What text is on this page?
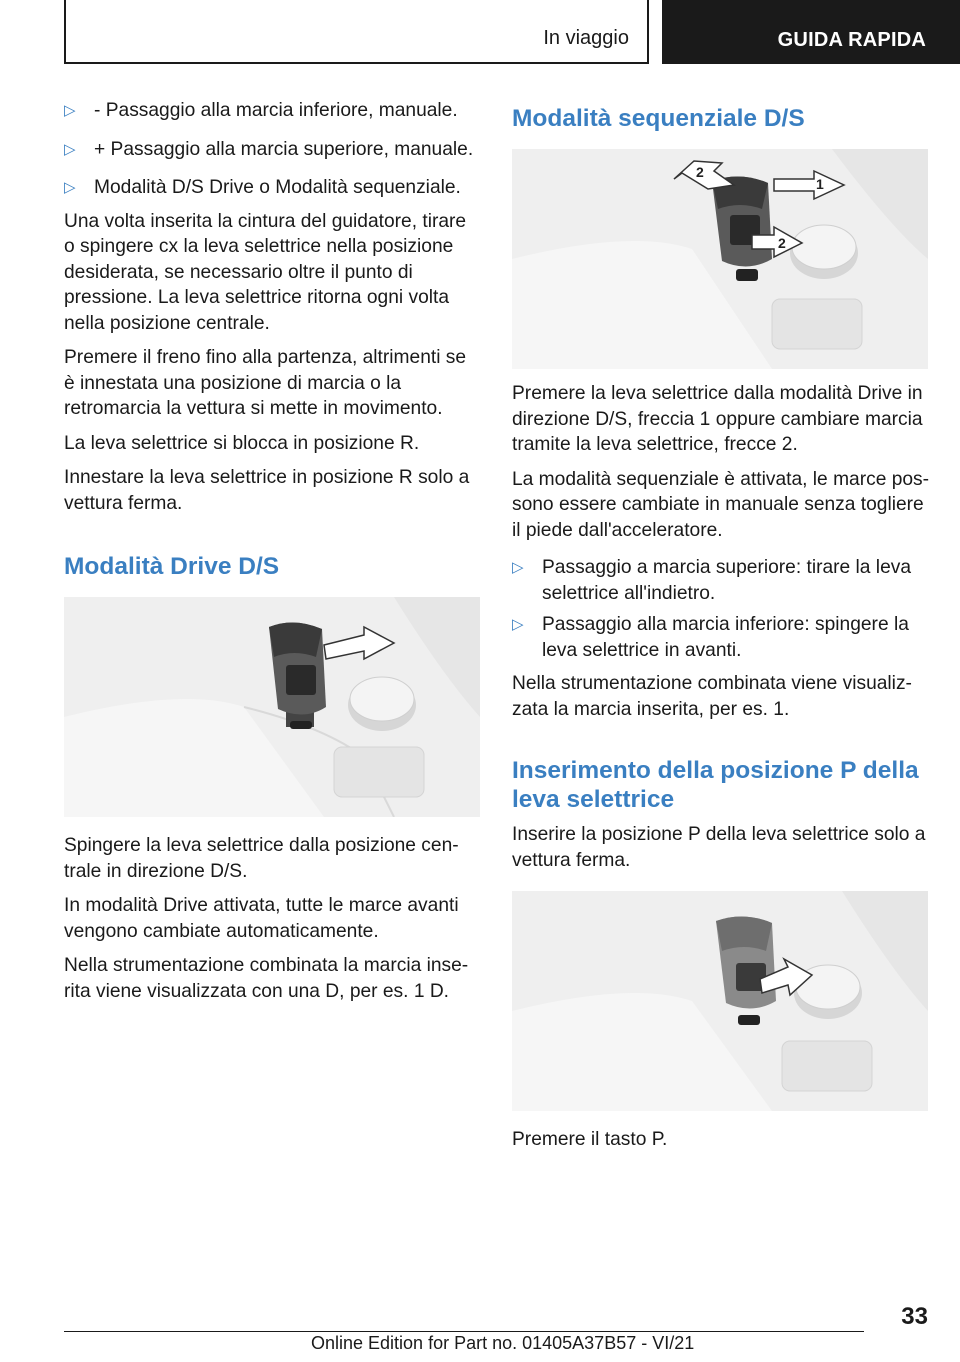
In viaggio	GUIDA RAPIDA
▷ - Passaggio alla marcia inferiore, manuale.
▷ + Passaggio alla marcia superiore, manuale.
▷ Modalità D/S Drive o Modalità sequenziale.

Una volta inserita la cintura del guidatore, tirare o spingere cx la leva selettrice nella posizione desiderata, se necessario oltre il punto di pressione. La leva selettrice ritorna ogni volta nella posizione centrale.

Premere il freno fino alla partenza, altrimenti se è innestata una posizione di marcia o la retromarcia la vettura si mette in movimento.

La leva selettrice si blocca in posizione R.

Innestare la leva selettrice in posizione R solo a vettura ferma.

Modalità Drive D/S

Spingere la leva selettrice dalla posizione centrale in direzione D/S.

In modalità Drive attivata, tutte le marce avanti vengono cambiate automaticamente.

Nella strumentazione combinata la marcia inserita viene visualizzata con una D, per es. 1 D.

Modalità sequenziale D/S
2
1
2

Premere la leva selettrice dalla modalità Drive in direzione D/S, freccia 1 oppure cambiare marcia tramite la leva selettrice, frecce 2.

La modalità sequenziale è attivata, le marce possono essere cambiate in manuale senza togliere il piede dall'acceleratore.

▷ Passaggio a marcia superiore: tirare la leva selettrice all'indietro.
▷ Passaggio alla marcia inferiore: spingere la leva selettrice in avanti.

Nella strumentazione combinata viene visualizzata la marcia inserita, per es. 1.

Inserimento della posizione P della leva selettrice

Inserire la posizione P della leva selettrice solo a vettura ferma.

Premere il tasto P.

33
Online Edition for Part no. 01405A37B57 - VI/21
